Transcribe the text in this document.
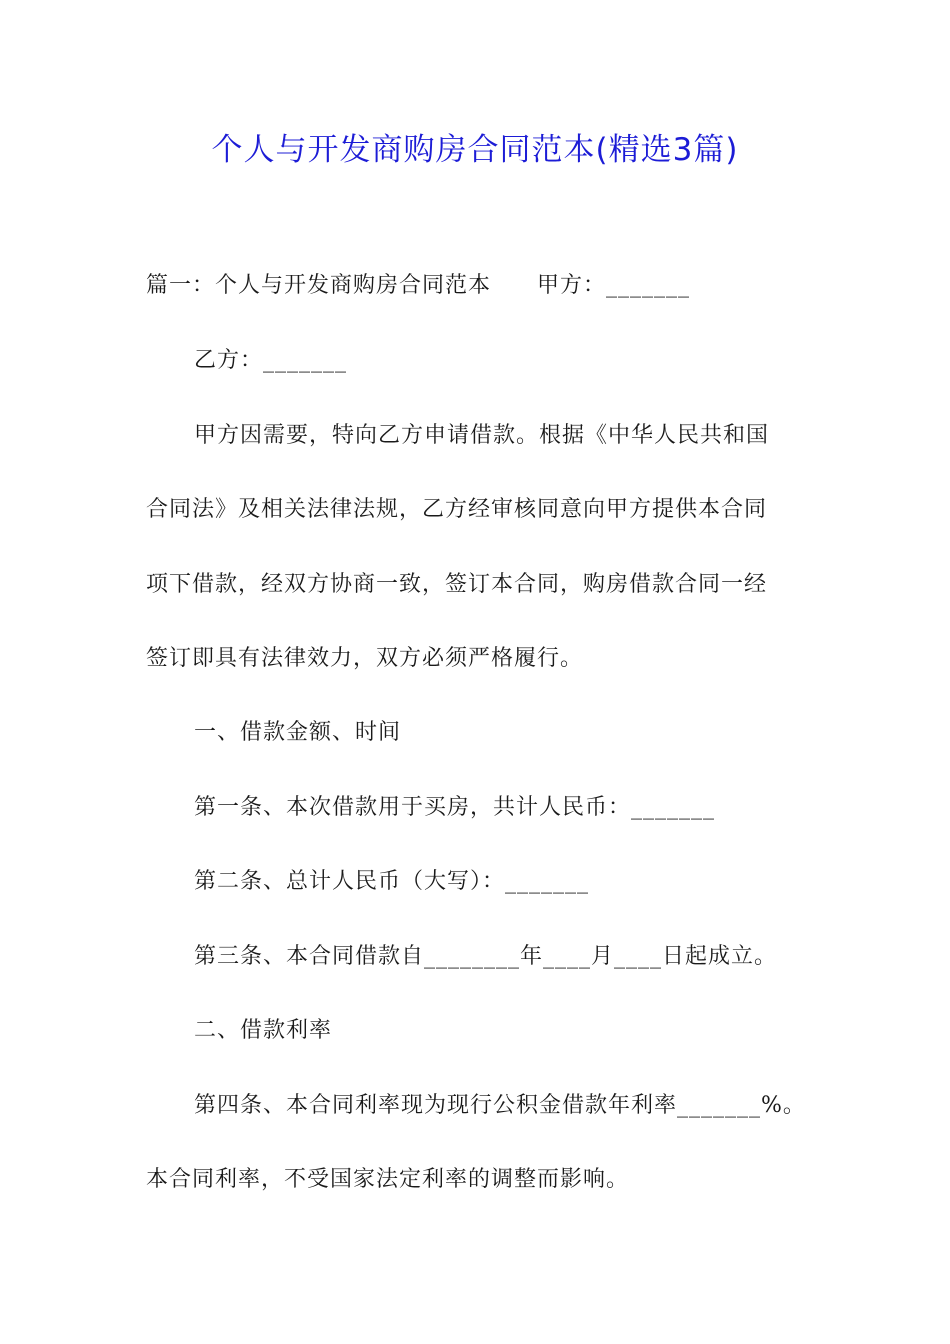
个人与开发商购房合同范本(精选3篇)
篇一：个人与开发商购房合同范本 甲方：_______
乙方：_______
甲方因需要，特向乙方申请借款。根据《中华人民共和国
合同法》及相关法律法规，乙方经审核同意向甲方提供本合同
项下借款，经双方协商一致，签订本合同，购房借款合同一经
签订即具有法律效力，双方必须严格履行。
一、借款金额、时间
第一条、本次借款用于买房，共计人民币：_______
第二条、总计人民币（大写）：_______
第三条、本合同借款自________年____月____日起成立。
二、借款利率
第四条、本合同利率现为现行公积金借款年利率_______%。
本合同利率，不受国家法定利率的调整而影响。
